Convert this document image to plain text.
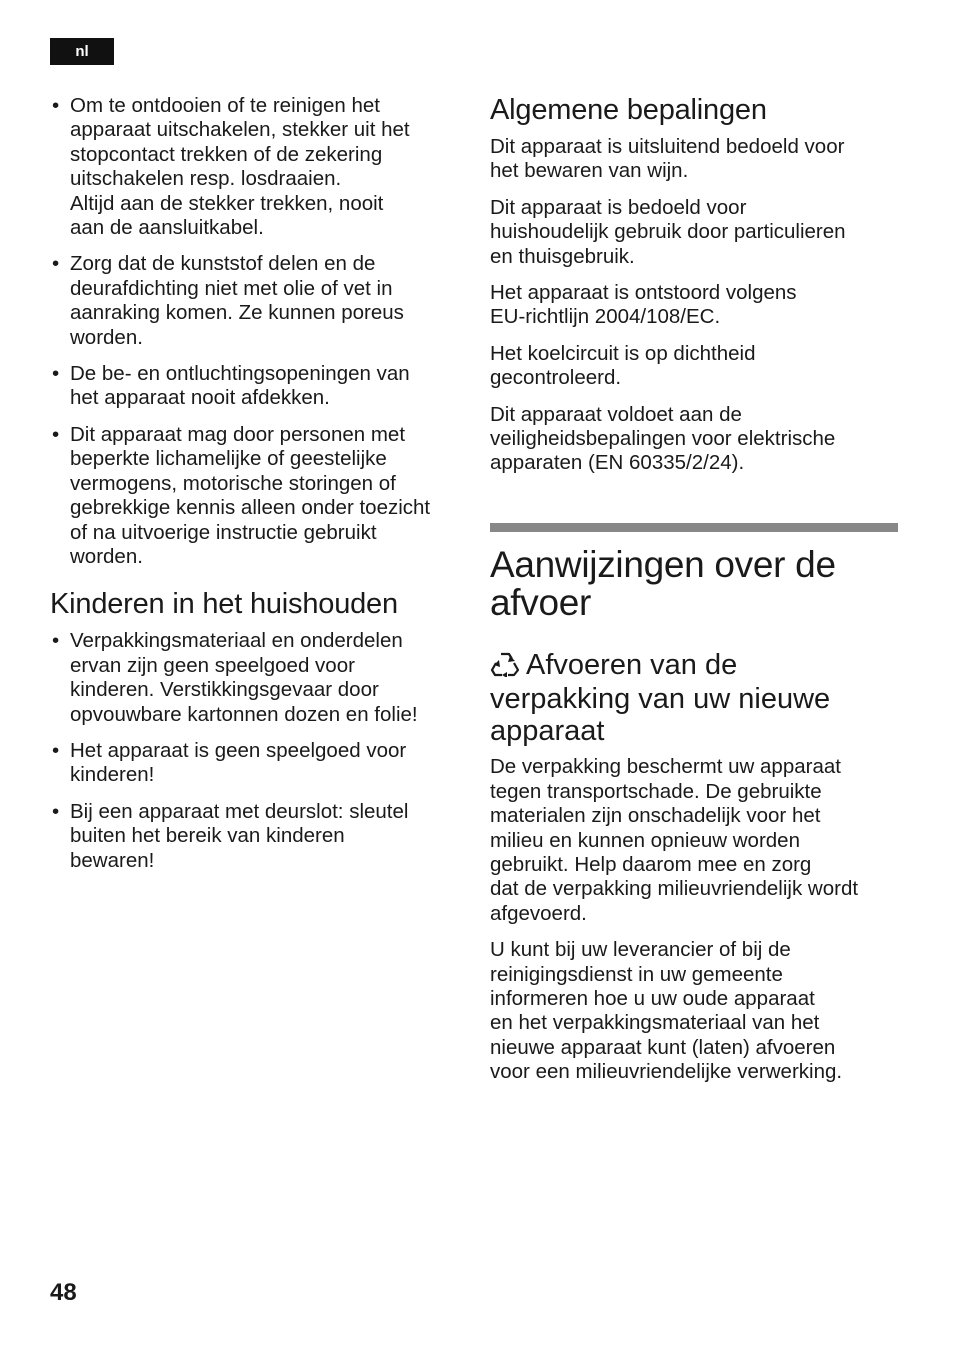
nl
• Om te ontdooien of te reinigen het
apparaat uitschakelen, stekker uit het
stopcontact trekken of de zekering
uitschakelen resp. losdraaien.
Altijd aan de stekker trekken, nooit
aan de aansluitkabel.
• Zorg dat de kunststof delen en de
deurafdichting niet met olie of vet in
aanraking komen. Ze kunnen poreus
worden.
• De be- en ontluchtingsopeningen van
het apparaat nooit afdekken.
• Dit apparaat mag door personen met
beperkte lichamelijke of geestelijke
vermogens, motorische storingen of
gebrekkige kennis alleen onder toezicht
of na uitvoerige instructie gebruikt
worden.
Kinderen in het huishouden
• Verpakkingsmateriaal en onderdelen
ervan zijn geen speelgoed voor
kinderen. Verstikkingsgevaar door
opvouwbare kartonnen dozen en folie!
• Het apparaat is geen speelgoed voor
kinderen!
• Bij een apparaat met deurslot: sleutel
buiten het bereik van kinderen
bewaren!
Algemene bepalingen

Dit apparaat is uitsluitend bedoeld voor
het bewaren van wijn.

Dit apparaat is bedoeld voor
huishoudelijk gebruik door particulieren
en thuisgebruik.

Het apparaat is ontstoord volgens
EU-richtlijn 2004/108/EC.

Het koelcircuit is op dichtheid
gecontroleerd.

Dit apparaat voldoet aan de
veiligheidsbepalingen voor elektrische
apparaten (EN 60335/2/24).

Aanwijzingen over de
afvoer
Afvoeren van de
verpakking van uw nieuwe
apparaat

De verpakking beschermt uw apparaat
tegen transportschade. De gebruikte
materialen zijn onschadelijk voor het
milieu en kunnen opnieuw worden
gebruikt. Help daarom mee en zorg
dat de verpakking milieuvriendelijk wordt
afgevoerd.

U kunt bij uw leverancier of bij de
reinigingsdienst in uw gemeente
informeren hoe u uw oude apparaat
en het verpakkingsmateriaal van het
nieuwe apparaat kunt (laten) afvoeren
voor een milieuvriendelijke verwerking.

48
